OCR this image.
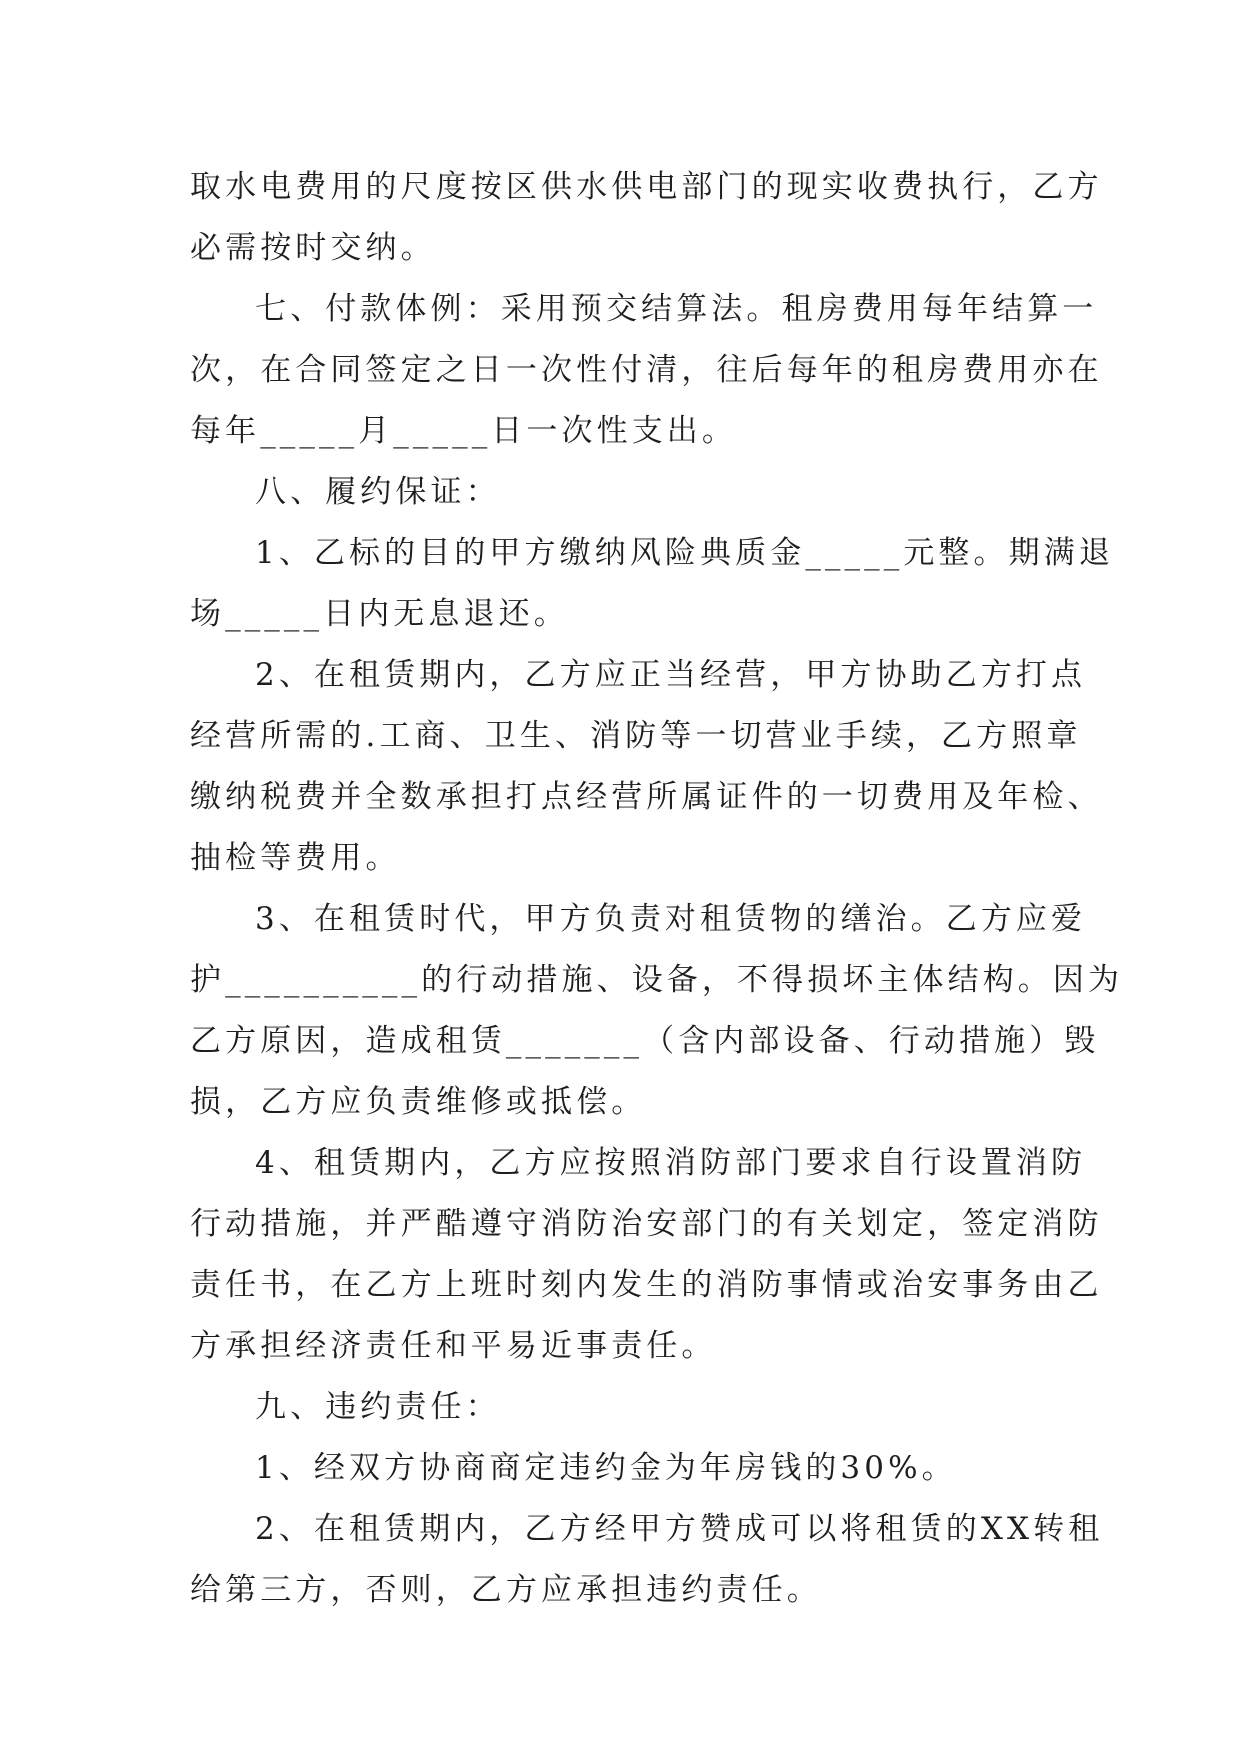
取水电费用的尺度按区供水供电部门的现实收费执行，乙方
必需按时交纳。
七、付款体例：采用预交结算法。租房费用每年结算一
次，在合同签定之日一次性付清，往后每年的租房费用亦在
每年_____月_____日一次性支出。
八、履约保证：
1、乙标的目的甲方缴纳风险典质金_____元整。期满退
场_____日内无息退还。
2、在租赁期内，乙方应正当经营，甲方协助乙方打点
经营所需的.工商、卫生、消防等一切营业手续，乙方照章
缴纳税费并全数承担打点经营所属证件的一切费用及年检、
抽检等费用。
3、在租赁时代，甲方负责对租赁物的缮治。乙方应爱
护__________的行动措施、设备，不得损坏主体结构。因为
乙方原因，造成租赁_______（含内部设备、行动措施）毁
损，乙方应负责维修或抵偿。
4、租赁期内，乙方应按照消防部门要求自行设置消防
行动措施，并严酷遵守消防治安部门的有关划定，签定消防
责任书，在乙方上班时刻内发生的消防事情或治安事务由乙
方承担经济责任和平易近事责任。
九、违约责任：
1、经双方协商商定违约金为年房钱的30%。
2、在租赁期内，乙方经甲方赞成可以将租赁的XX转租
给第三方，否则，乙方应承担违约责任。
